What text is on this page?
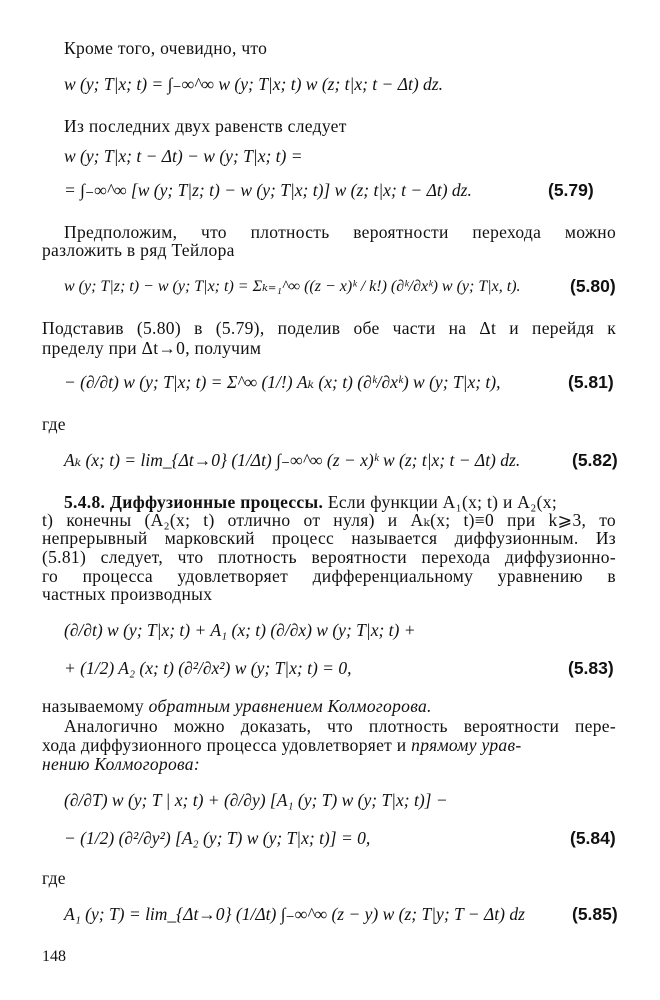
Кроме того, очевидно, что
w (y; T|x; t) = ∫₋∞^∞ w (y; T|x; t) w (z; t|x; t − Δt) dz.
Из последних двух равенств следует
w (y; T|x; t − Δt) − w (y; T|x; t) =
= ∫₋∞^∞ [w (y; T|z; t) − w (y; T|x; t)] w (z; t|x; t − Δt) dz.	(5.79)
Предположим, что плотность вероятности перехода можно
разложить в ряд Тейлора
w (y; T|z; t) − w (y; T|x; t) = Σₖ₌₁^∞ ((z − x)ᵏ / k!) (∂ᵏ/∂xᵏ) w (y; T|x, t).	(5.80)
Подставив (5.80) в (5.79), поделив обе части на Δt и перейдя к
пределу при Δt→0, получим
− (∂/∂t) w (y; T|x; t) = Σ^∞ (1/!) Aₖ (x; t) (∂ᵏ/∂xᵏ) w (y; T|x; t),	(5.81)
где
Aₖ (x; t) = lim_{Δt→0} (1/Δt) ∫₋∞^∞ (z − x)ᵏ w (z; t|x; t − Δt) dz.	(5.82)
5.4.8. Диффузионные процессы. Если функции A₁(x; t) и A₂(x;
t) конечны (A₂(x; t) отлично от нуля) и Aₖ(x; t)≡0 при k⩾3, то
непрерывный марковский процесс называется диффузионным. Из
(5.81) следует, что плотность вероятности перехода диффузионно-
го процесса удовлетворяет дифференциальному уравнению в
частных производных
(∂/∂t) w (y; T|x; t) + A₁ (x; t) (∂/∂x) w (y; T|x; t) +
+ (1/2) A₂ (x; t) (∂²/∂x²) w (y; T|x; t) = 0,	(5.83)
называемому обратным уравнением Колмогорова.
Аналогично можно доказать, что плотность вероятности пере-
хода диффузионного процесса удовлетворяет и прямому урав-
нению Колмогорова:
(∂/∂T) w (y; T | x; t) + (∂/∂y) [A₁ (y; T) w (y; T|x; t)] −
− (1/2) (∂²/∂y²) [A₂ (y; T) w (y; T|x; t)] = 0,	(5.84)
где
A₁ (y; T) = lim_{Δt→0} (1/Δt) ∫₋∞^∞ (z − y) w (z; T|y; T − Δt) dz	(5.85)
148
